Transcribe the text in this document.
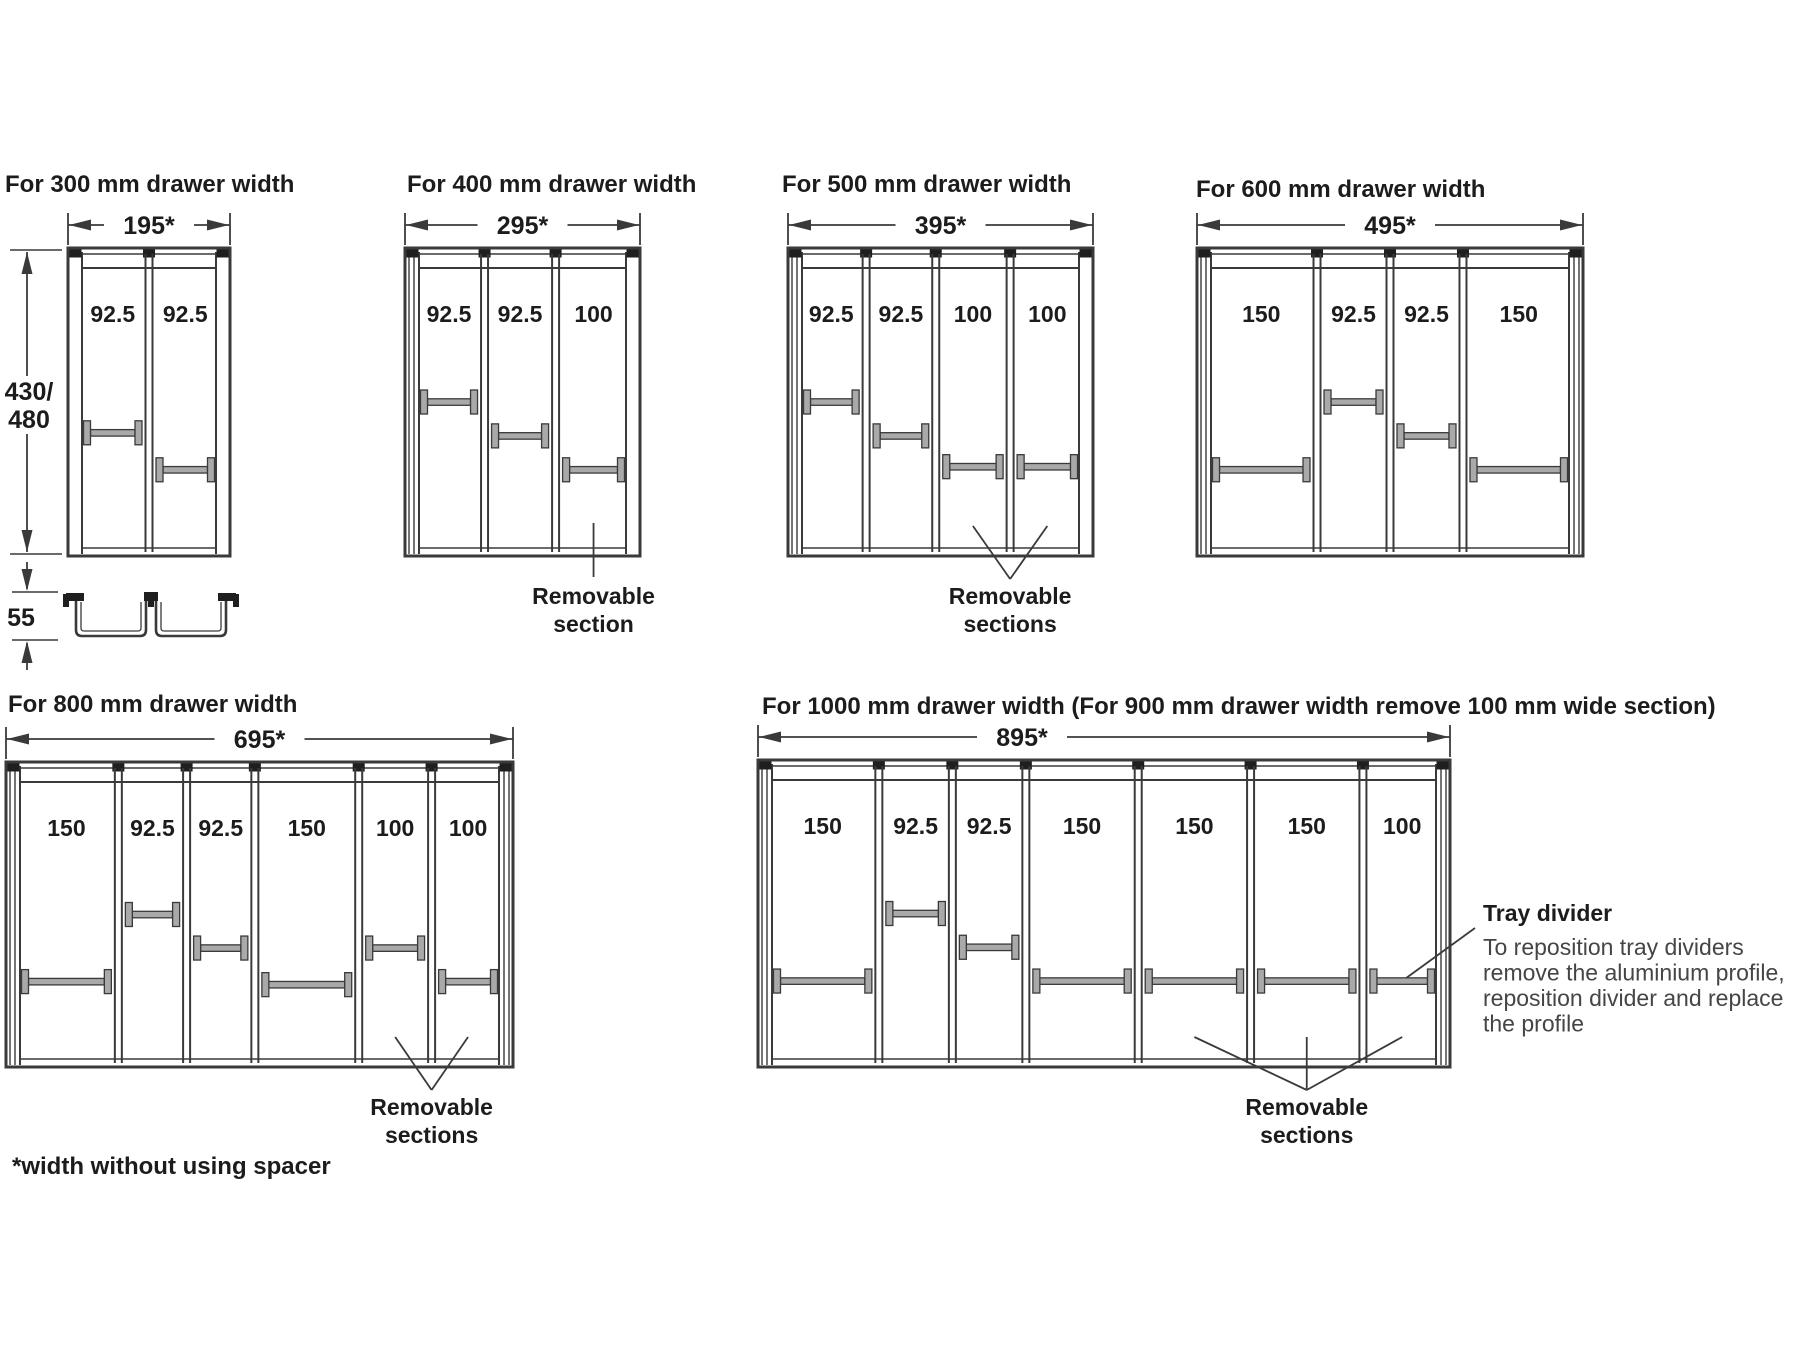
For 300 mm drawer width
195*
92.5 92.5
430/
480
55
For 400 mm drawer width
295*
92.5 92.5 100
Removable
section
For 500 mm drawer width
395*
92.5 92.5 100 100
Removable
sections
For 600 mm drawer width
495*
150 92.5 92.5 150
For 800 mm drawer width
695*
150 92.5 92.5 150 100 100
Removable
sections
For 1000 mm drawer width (For 900 mm drawer width remove 100 mm wide section)
895*
150 92.5 92.5 150	150	150 100
Removable
sections
Tray divider
To reposition tray dividers
remove the aluminium profile,
reposition divider and replace
the profile
*width without using spacer
